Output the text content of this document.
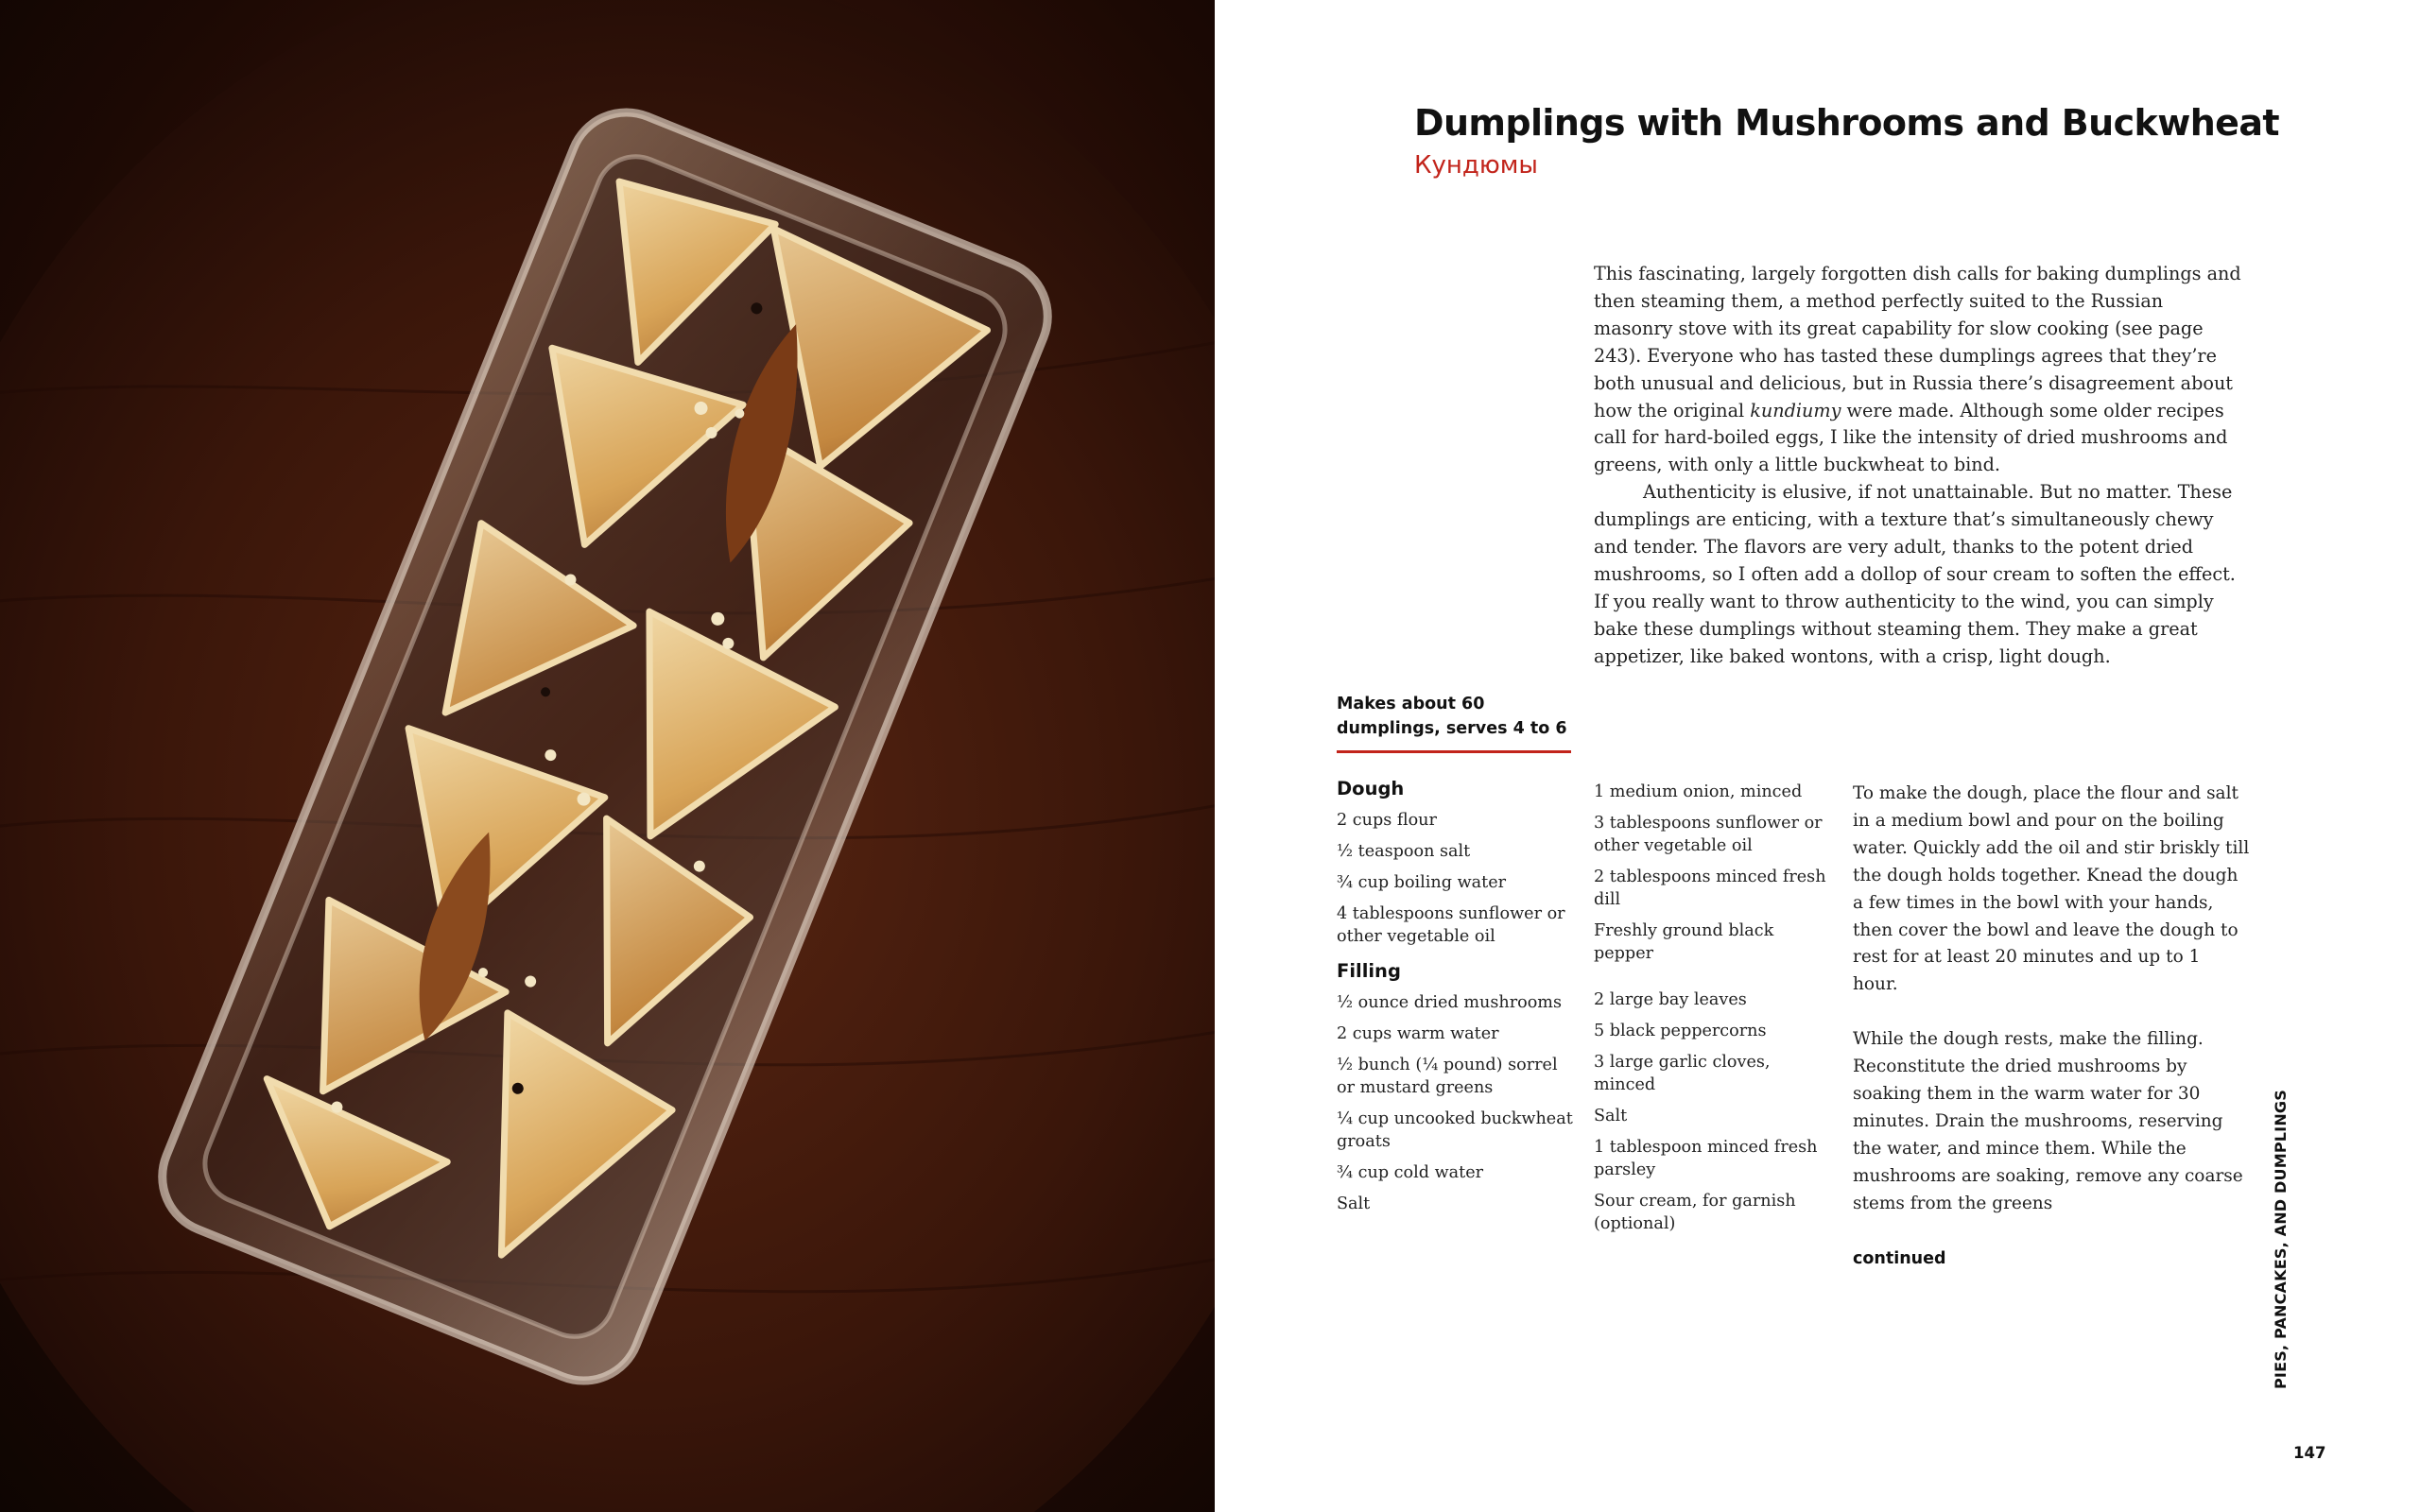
Dumplings with Mushrooms and Buckwheat
Кундюмы

This fascinating, largely forgotten dish calls for baking dumplings and then steaming them, a method perfectly suited to the Russian masonry stove with its great capability for slow cooking (see page 243). Everyone who has tasted these dumplings agrees that they’re both unusual and delicious, but in Russia there’s disagreement about how the original kundiumy were made. Although some older recipes call for hard-boiled eggs, I like the intensity of dried mushrooms and greens, with only a little buckwheat to bind.

Authenticity is elusive, if not unattainable. But no matter. These dumplings are enticing, with a texture that’s simultaneously chewy and tender. The flavors are very adult, thanks to the potent dried mushrooms, so I often add a dollop of sour cream to soften the effect. If you really want to throw authenticity to the wind, you can simply bake these dumplings without steaming them. They make a great appetizer, like baked wontons, with a crisp, light dough.

Makes about 60 dumplings, serves 4 to 6
Dough
2 cups flour
½ teaspoon salt
¾ cup boiling water
4 tablespoons sunflower or other vegetable oil
Filling
½ ounce dried mushrooms
2 cups warm water
½ bunch (¼ pound) sorrel or mustard greens
¼ cup uncooked buckwheat groats
¾ cup cold water
Salt
1 medium onion, minced
3 tablespoons sunflower or other vegetable oil
2 tablespoons minced fresh dill
Freshly ground black pepper
2 large bay leaves
5 black peppercorns
3 large garlic cloves, minced
Salt
1 tablespoon minced fresh parsley
Sour cream, for garnish (optional)

To make the dough, place the flour and salt in a medium bowl and pour on the boiling water. Quickly add the oil and stir briskly till the dough holds together. Knead the dough a few times in the bowl with your hands, then cover the bowl and leave the dough to rest for at least 20 minutes and up to 1 hour.

While the dough rests, make the filling. Reconstitute the dried mushrooms by soaking them in the warm water for 30 minutes. Drain the mushrooms, reserving the water, and mince them. While the mushrooms are soaking, remove any coarse stems from the greens

continued	PIES, PANCAKES, AND DUMPLINGS
147
